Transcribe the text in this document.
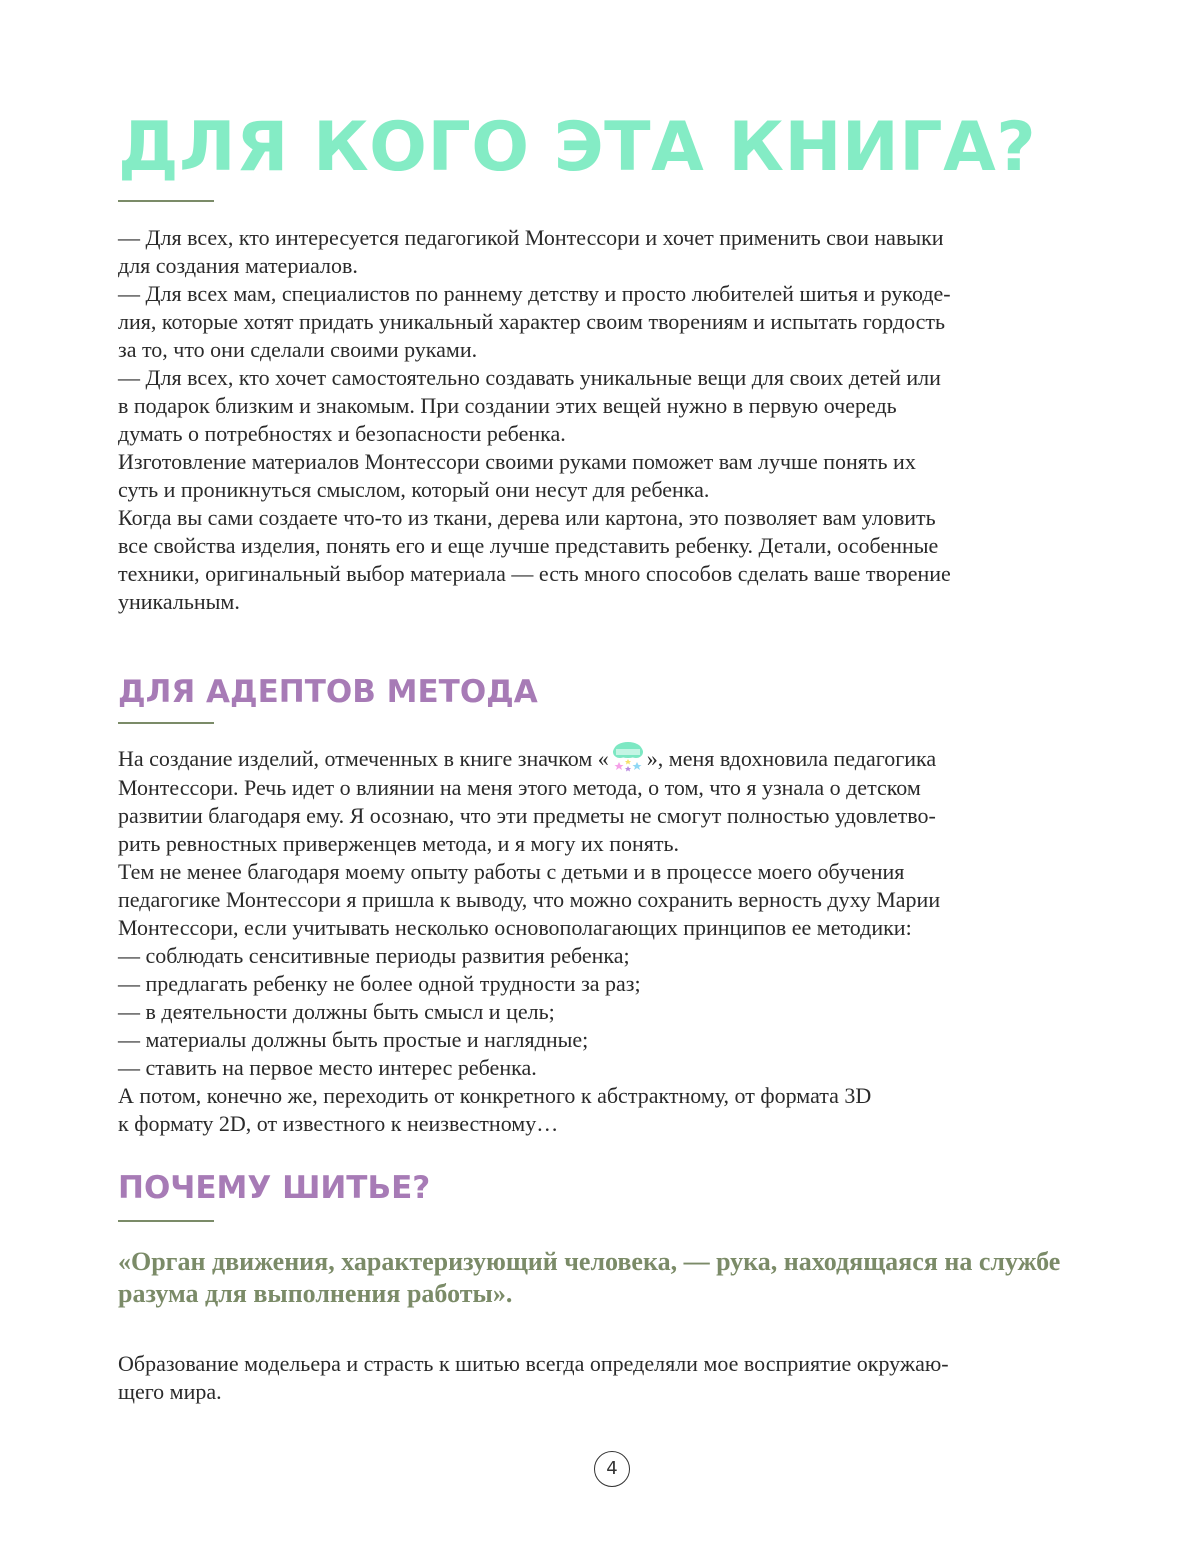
ДЛЯ КОГО ЭТА КНИГА?

— Для всех, кто интересуется педагогикой Монтессори и хочет применить свои навыки

для создания материалов.

— Для всех мам, специалистов по раннему детству и просто любителей шитья и рукоде-

лия, которые хотят придать уникальный характер своим творениям и испытать гордость

за то, что они сделали своими руками.

— Для всех, кто хочет самостоятельно создавать уникальные вещи для своих детей или

в подарок близким и знакомым. При создании этих вещей нужно в первую очередь

думать о потребностях и безопасности ребенка.

Изготовление материалов Монтессори своими руками поможет вам лучше понять их

суть и проникнуться смыслом, который они несут для ребенка.

Когда вы сами создаете что-то из ткани, дерева или картона, это позволяет вам уловить

все свойства изделия, понять его и еще лучше представить ребенку. Детали, особенные

техники, оригинальный выбор материала — есть много способов сделать ваше творение

уникальным.

ДЛЯ АДЕПТОВ МЕТОДА

На создание изделий, отмеченных в книге значком « », меня вдохновила педагогика

Монтессори. Речь идет о влиянии на меня этого метода, о том, что я узнала о детском

развитии благодаря ему. Я осознаю, что эти предметы не смогут полностью удовлетво-

рить ревностных приверженцев метода, и я могу их понять.

Тем не менее благодаря моему опыту работы с детьми и в процессе моего обучения

педагогике Монтессори я пришла к выводу, что можно сохранить верность духу Марии

Монтессори, если учитывать несколько основополагающих принципов ее методики:

— соблюдать сенситивные периоды развития ребенка;

— предлагать ребенку не более одной трудности за раз;

— в деятельности должны быть смысл и цель;

— материалы должны быть простые и наглядные;

— ставить на первое место интерес ребенка.

А потом, конечно же, переходить от конкретного к абстрактному, от формата 3D

к формату 2D, от известного к неизвестному…

ПОЧЕМУ ШИТЬЕ?

«Орган движения, характеризующий человека, — рука, находящаяся на службе

разума для выполнения работы».

Образование модельера и страсть к шитью всегда определяли мое восприятие окружаю-

щего мира.

4
